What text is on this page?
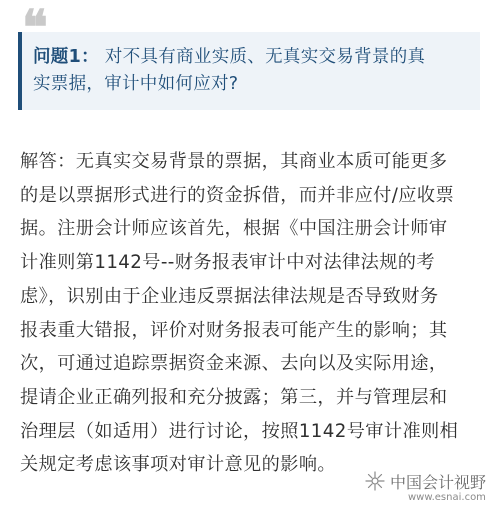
❝
问题1： 对不具有商业实质、无真实交易背景的真
实票据，审计中如何应对?
解答：无真实交易背景的票据，其商业本质可能更多
的是以票据形式进行的资金拆借，而并非应付/应收票
据。注册会计师应该首先，根据《中国注册会计师审
计准则第1142号--财务报表审计中对法律法规的考
虑》，识别由于企业违反票据法律法规是否导致财务
报表重大错报，评价对财务报表可能产生的影响；其
次，可通过追踪票据资金来源、去向以及实际用途，
提请企业正确列报和充分披露；第三，并与管理层和
治理层（如适用）进行讨论，按照1142号审计准则相
关规定考虑该事项对审计意见的影响。
中国会计视野
www.esnai.com
